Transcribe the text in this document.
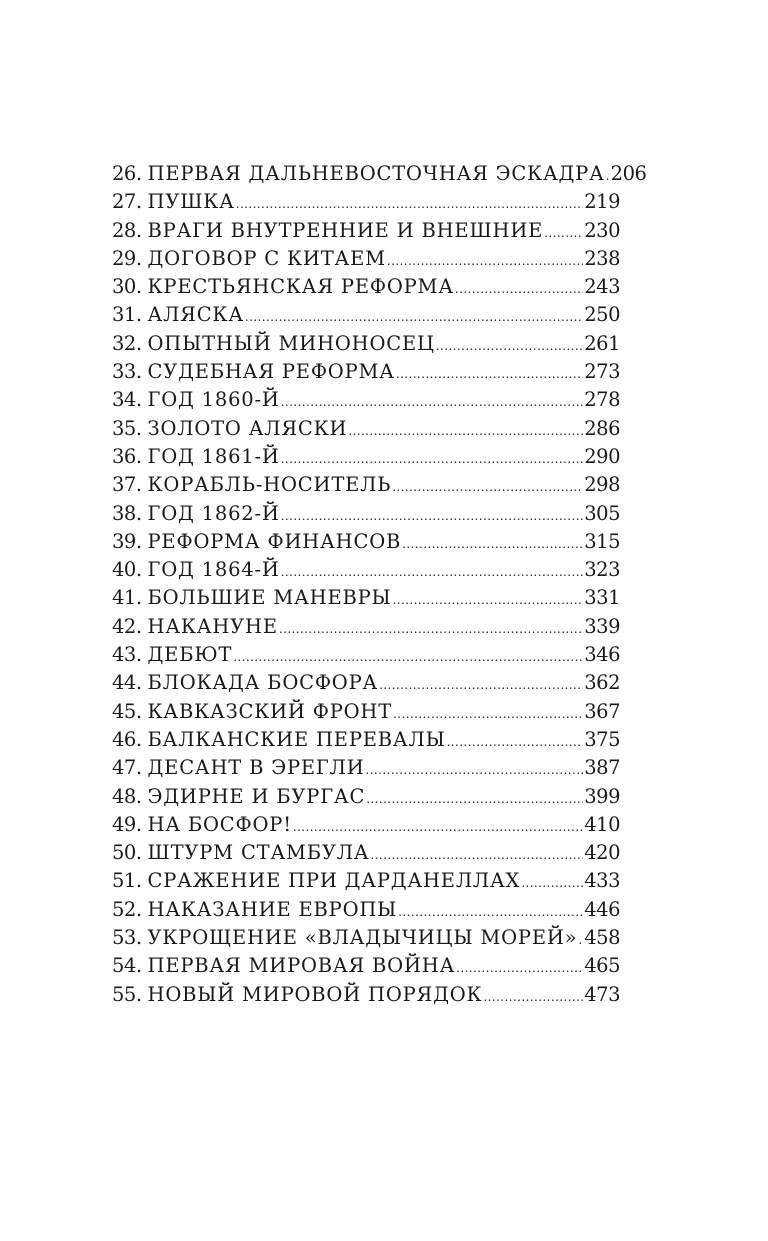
26. ПЕРВАЯ ДАЛЬНЕВОСТОЧНАЯ ЭСКАДРА ..... 206
27. ПУШКА .....	219
28. ВРАГИ ВНУТРЕННИЕ И ВНЕШНИЕ ..... 230
29. ДОГОВОР С КИТАЕМ .....	238
30. КРЕСТЬЯНСКАЯ РЕФОРМА .....	243
31. АЛЯСКА .....	250
32. ОПЫТНЫЙ МИНОНОСЕЦ .....	261
33. СУДЕБНАЯ РЕФОРМА .....	273
34. ГОД 1860-Й .....	278
35. ЗОЛОТО АЛЯСКИ .....	286
36. ГОД 1861-Й .....	290
37. КОРАБЛЬ-НОСИТЕЛЬ .....	298
38. ГОД 1862-Й .....	305
39. РЕФОРМА ФИНАНСОВ .....	315
40. ГОД 1864-Й .....	323
41. БОЛЬШИЕ МАНЕВРЫ .....	331
42. НАКАНУНЕ .....	339
43. ДЕБЮТ .....	346
44. БЛОКАДА БОСФОРА .....	362
45. КАВКАЗСКИЙ ФРОНТ .....	367
46. БАЛКАНСКИЕ ПЕРЕВАЛЫ .....	375
47. ДЕСАНТ В ЭРЕГЛИ .....	387
48. ЭДИРНЕ И БУРГАС .....	399
49. НА БОСФОР! .....	410
50. ШТУРМ СТАМБУЛА .....	420
51. СРАЖЕНИЕ ПРИ ДАРДАНЕЛЛАХ .....	433
52. НАКАЗАНИЕ ЕВРОПЫ .....	446
53. УКРОЩЕНИЕ «ВЛАДЫЧИЦЫ МОРЕЙ» ..... 458
54. ПЕРВАЯ МИРОВАЯ ВОЙНА .....	465
55. НОВЫЙ МИРОВОЙ ПОРЯДОК .....	473
